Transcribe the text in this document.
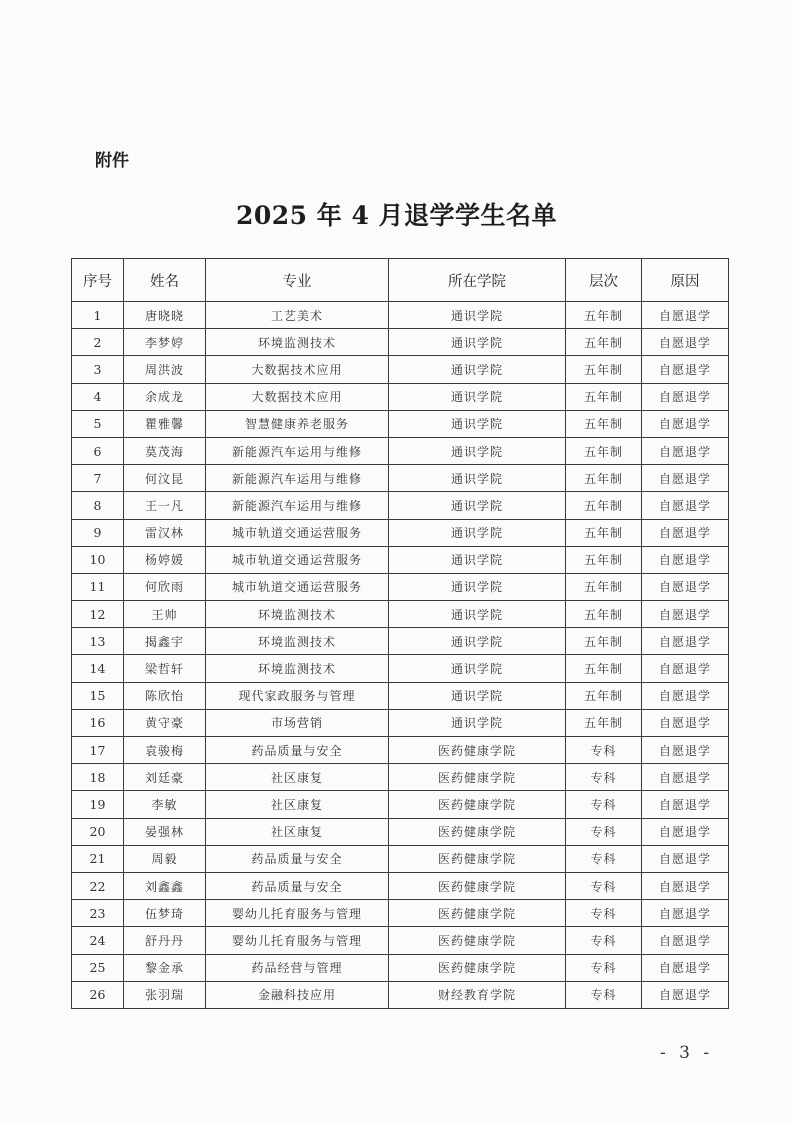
附件
2025 年 4 月退学学生名单
序号	姓名	专业	所在学院	层次	原因
1	唐晓晓	工艺美术	通识学院	五年制	自愿退学
2	李梦婷	环境监测技术	通识学院	五年制	自愿退学
3	周洪波	大数据技术应用	通识学院	五年制	自愿退学
4	余成龙	大数据技术应用	通识学院	五年制	自愿退学
5	瞿雅馨	智慧健康养老服务	通识学院	五年制	自愿退学
6	莫茂海	新能源汽车运用与维修	通识学院	五年制	自愿退学
7	何汶昆	新能源汽车运用与维修	通识学院	五年制	自愿退学
8	王一凡	新能源汽车运用与维修	通识学院	五年制	自愿退学
9	雷汉林	城市轨道交通运营服务	通识学院	五年制	自愿退学
10	杨婷媛	城市轨道交通运营服务	通识学院	五年制	自愿退学
11	何欣雨	城市轨道交通运营服务	通识学院	五年制	自愿退学
12	王帅	环境监测技术	通识学院	五年制	自愿退学
13	揭鑫宇	环境监测技术	通识学院	五年制	自愿退学
14	梁哲轩	环境监测技术	通识学院	五年制	自愿退学
15	陈欣怡	现代家政服务与管理	通识学院	五年制	自愿退学
16	黄守豪	市场营销	通识学院	五年制	自愿退学
17	袁骏梅	药品质量与安全	医药健康学院	专科	自愿退学
18	刘廷豪	社区康复	医药健康学院	专科	自愿退学
19	李敏	社区康复	医药健康学院	专科	自愿退学
20	晏强林	社区康复	医药健康学院	专科	自愿退学
21	周毅	药品质量与安全	医药健康学院	专科	自愿退学
22	刘鑫鑫	药品质量与安全	医药健康学院	专科	自愿退学
23	伍梦琦	婴幼儿托育服务与管理	医药健康学院	专科	自愿退学
24	舒丹丹	婴幼儿托育服务与管理	医药健康学院	专科	自愿退学
25	黎金承	药品经营与管理	医药健康学院	专科	自愿退学
26	张羽瑞	金融科技应用	财经教育学院	专科	自愿退学
- 3 -
